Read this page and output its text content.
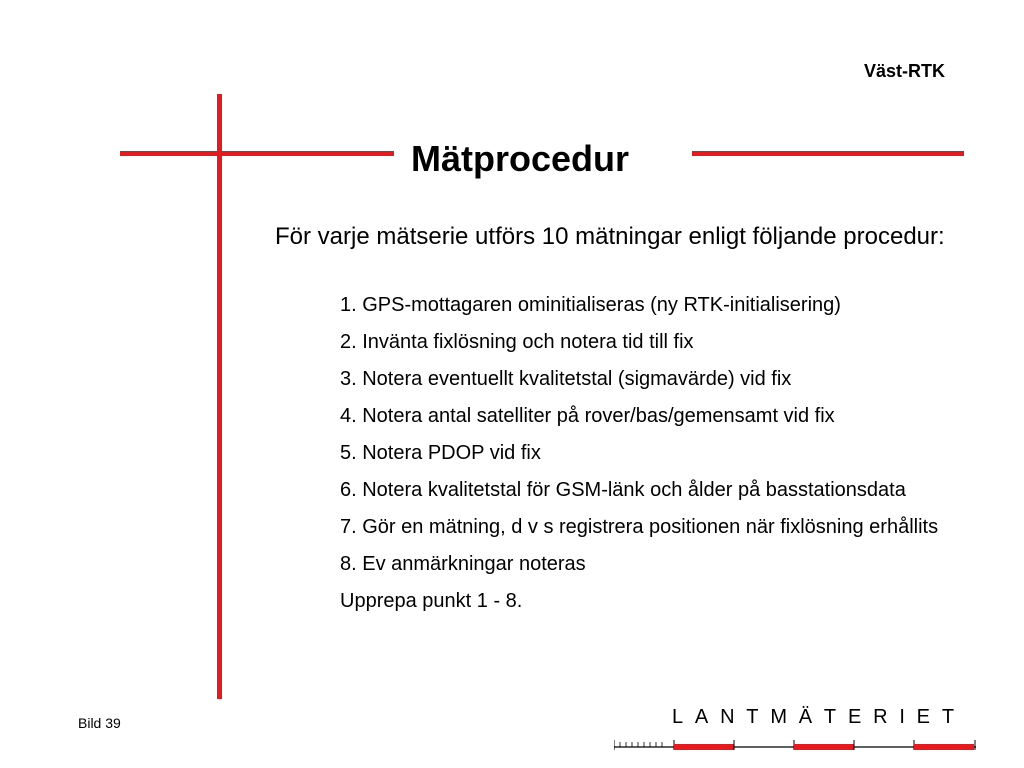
Väst-RTK
Mätprocedur
För varje mätserie utförs 10 mätningar enligt följande procedur:
1. GPS-mottagaren ominitialiseras (ny RTK-initialisering)
2. Invänta fixlösning och notera tid till fix
3. Notera eventuellt kvalitetstal (sigmavärde) vid fix
4. Notera antal satelliter på rover/bas/gemensamt vid fix
5. Notera PDOP vid fix
6. Notera kvalitetstal för GSM-länk och ålder på basstationsdata
7. Gör en mätning, d v s registrera positionen när fixlösning erhållits
8. Ev anmärkningar noteras
Upprepa punkt 1 - 8.
Bild 39	LANTMÄTERIET
